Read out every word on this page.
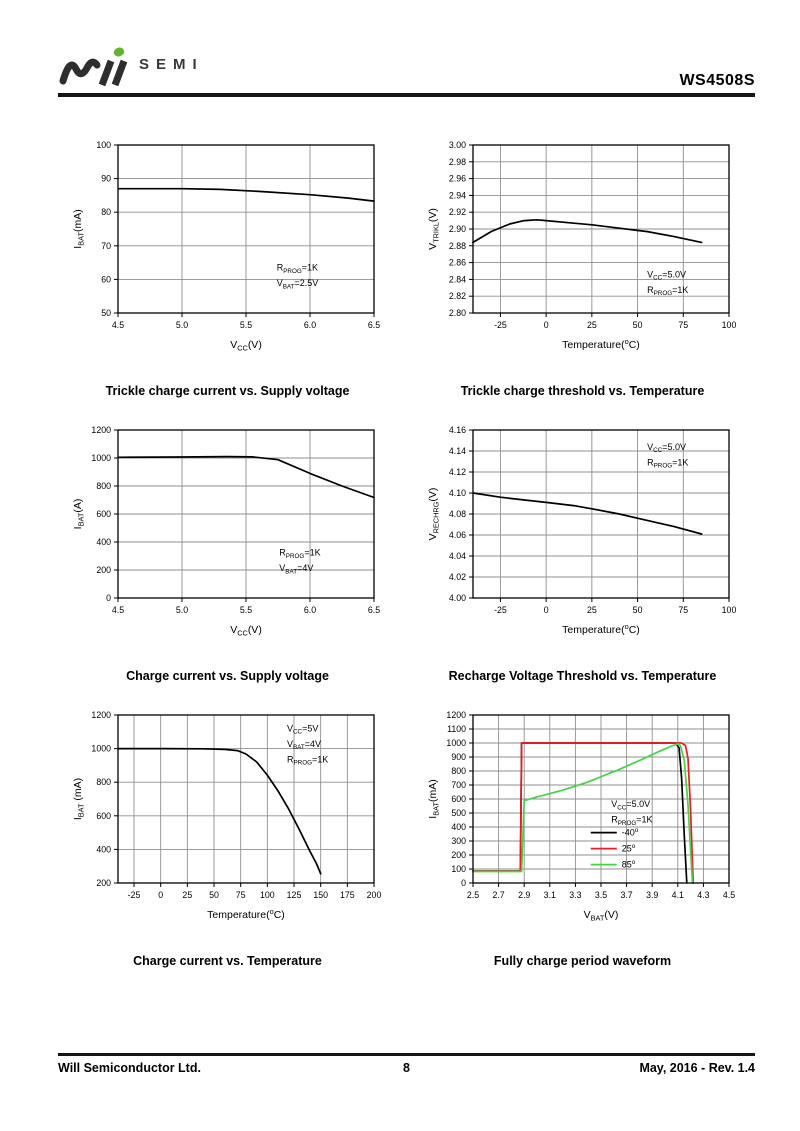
SEMI
WS4508S
4.5	5.0	5.5	6.0	6.5
50
60
70
80
90
100
$V_{CC}(V)$
$I_{BAT}(mA)$
$R_{PROG}=1K$
$V_{BAT}=2.5V$
Trickle charge current vs. Supply voltage
-25	0	25	50	75	100
2.80
2.82
2.84
2.86
2.88
2.90
2.92
2.94
2.96
2.98
3.00
Temperature($^o$C)
$V_{TRIKL}(V)$
$V_{CC}=5.0V$
$R_{PROG}=1K$
Trickle charge threshold vs. Temperature
4.5	5.0	5.5	6.0	6.5
0
200
400
600
800
1000
1200
$V_{CC}(V)$
$I_{BAT}(A)$
$R_{PROG}=1K$
$V_{BAT}=4V$
Charge current vs. Supply voltage
-25	0	25	50	75	100
4.00
4.02
4.04
4.06
4.08
4.10
4.12
4.14
4.16
Temperature($^o$C)
$V_{RECHRG}(V)$
$V_{CC}=5.0V$
$R_{PROG}=1K$
Recharge Voltage Threshold vs. Temperature
-25 0 25 50 75 100 125 150 175 200
200
400
600
800
1000
1200
Temperature($^o$C)
$I_{BAT}$ (mA)
$V_{CC}=5V$
$V_{BAT}=4V$
$R_{PROG}=1K$
Charge current vs. Temperature
2.5 2.7 2.9 3.1 3.3 3.5 3.7 3.9 4.1 4.3 4.5
0
100
200
300
400
500
600
700
800
900
1000
1100
1200
$V_{BAT}(V)$
$I_{BAT}(mA)$
$V_{CC}=5.0V$
$R_{PROG}=1K$
-40$^o$
25$^o$
85$^o$
Fully charge period waveform
Will Semiconductor Ltd.	8	May, 2016 - Rev. 1.4
